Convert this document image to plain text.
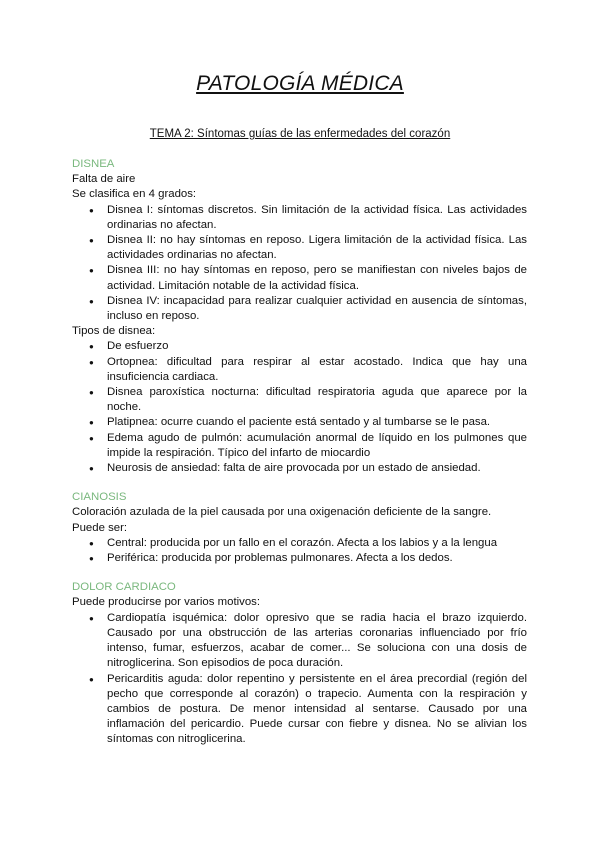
PATOLOGÍA MÉDICA
TEMA 2: Síntomas guías de las enfermedades del corazón
DISNEA
Falta de aire
Se clasifica en 4 grados:
● Disnea I: síntomas discretos. Sin limitación de la actividad física. Las actividades ordinarias no afectan.
● Disnea II: no hay síntomas en reposo. Ligera limitación de la actividad física. Las actividades ordinarias no afectan.
● Disnea III: no hay síntomas en reposo, pero se manifiestan con niveles bajos de actividad. Limitación notable de la actividad física.
● Disnea IV: incapacidad para realizar cualquier actividad en ausencia de síntomas, incluso en reposo.
Tipos de disnea:
● De esfuerzo
● Ortopnea: dificultad para respirar al estar acostado. Indica que hay una insuficiencia cardiaca.
● Disnea paroxística nocturna: dificultad respiratoria aguda que aparece por la noche.
● Platipnea: ocurre cuando el paciente está sentado y al tumbarse se le pasa.
● Edema agudo de pulmón: acumulación anormal de líquido en los pulmones que impide la respiración. Típico del infarto de miocardio
● Neurosis de ansiedad: falta de aire provocada por un estado de ansiedad.
CIANOSIS
Coloración azulada de la piel causada por una oxigenación deficiente de la sangre.
Puede ser:
● Central: producida por un fallo en el corazón. Afecta a los labios y a la lengua
● Periférica: producida por problemas pulmonares. Afecta a los dedos.
DOLOR CARDIACO
Puede producirse por varios motivos:
● Cardiopatía isquémica: dolor opresivo que se radia hacia el brazo izquierdo. Causado por una obstrucción de las arterias coronarias influenciado por frío intenso, fumar, esfuerzos, acabar de comer... Se soluciona con una dosis de nitroglicerina. Son episodios de poca duración.
● Pericarditis aguda: dolor repentino y persistente en el área precordial (región del pecho que corresponde al corazón) o trapecio. Aumenta con la respiración y cambios de postura. De menor intensidad al sentarse. Causado por una inflamación del pericardio. Puede cursar con fiebre y disnea. No se alivian los síntomas con nitroglicerina.
